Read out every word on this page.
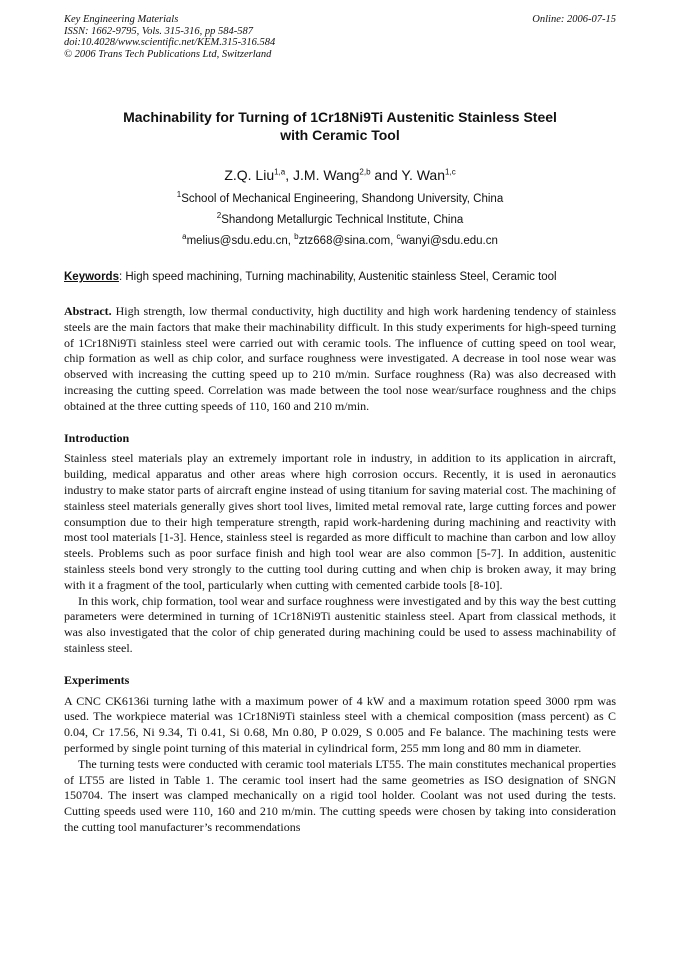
Key Engineering Materials
ISSN: 1662-9795, Vols. 315-316, pp 584-587
doi:10.4028/www.scientific.net/KEM.315-316.584
© 2006 Trans Tech Publications Ltd, Switzerland
Online: 2006-07-15
Machinability for Turning of 1Cr18Ni9Ti Austenitic Stainless Steel
with Ceramic Tool
Z.Q. Liu$^{1,a}$, J.M. Wang$^{2,b}$ and Y. Wan$^{1,c}$
$^1$School of Mechanical Engineering, Shandong University, China
$^2$Shandong Metallurgic Technical Institute, China
$^a$melius@sdu.edu.cn, $^b$ztz668@sina.com, $^c$wanyi@sdu.edu.cn
Keywords: High speed machining, Turning machinability, Austenitic stainless Steel, Ceramic tool

Abstract. High strength, low thermal conductivity, high ductility and high work hardening tendency of stainless steels are the main factors that make their machinability difficult. In this study experiments for high-speed turning of 1Cr18Ni9Ti stainless steel were carried out with ceramic tools. The influence of cutting speed on tool wear, chip formation as well as chip color, and surface roughness were investigated. A decrease in tool nose wear was observed with increasing the cutting speed up to 210 m/min. Surface roughness (Ra) was also decreased with increasing the cutting speed. Correlation was made between the tool nose wear/surface roughness and the chips obtained at the three cutting speeds of 110, 160 and 210 m/min.

Introduction

Stainless steel materials play an extremely important role in industry, in addition to its application in aircraft, building, medical apparatus and other areas where high corrosion occurs. Recently, it is used in aeronautics industry to make stator parts of aircraft engine instead of using titanium for saving material cost. The machining of stainless steel materials generally gives short tool lives, limited metal removal rate, large cutting forces and power consumption due to their high temperature strength, rapid work-hardening during machining and reactivity with most tool materials [1-3]. Hence, stainless steel is regarded as more difficult to machine than carbon and low alloy steels. Problems such as poor surface finish and high tool wear are also common [5-7]. In addition, austenitic stainless steels bond very strongly to the cutting tool during cutting and when chip is broken away, it may bring with it a fragment of the tool, particularly when cutting with cemented carbide tools [8-10].

In this work, chip formation, tool wear and surface roughness were investigated and by this way the best cutting parameters were determined in turning of 1Cr18Ni9Ti austenitic stainless steel. Apart from classical methods, it was also investigated that the color of chip generated during machining could be used to assess machinability of stainless steel.

Experiments

A CNC CK6136i turning lathe with a maximum power of 4 kW and a maximum rotation speed 3000 rpm was used. The workpiece material was 1Cr18Ni9Ti stainless steel with a chemical composition (mass percent) as C 0.04, Cr 17.56, Ni 9.34, Ti 0.41, Si 0.68, Mn 0.80, P 0.029, S 0.005 and Fe balance. The machining tests were performed by single point turning of this material in cylindrical form, 255 mm long and 80 mm in diameter.

The turning tests were conducted with ceramic tool materials LT55. The main constitutes mechanical properties of LT55 are listed in Table 1. The ceramic tool insert had the same geometries as ISO designation of SNGN 150704. The insert was clamped mechanically on a rigid tool holder. Coolant was not used during the tests. Cutting speeds used were 110, 160 and 210 m/min. The cutting speeds were chosen by taking into consideration the cutting tool manufacturer’s recommendations
